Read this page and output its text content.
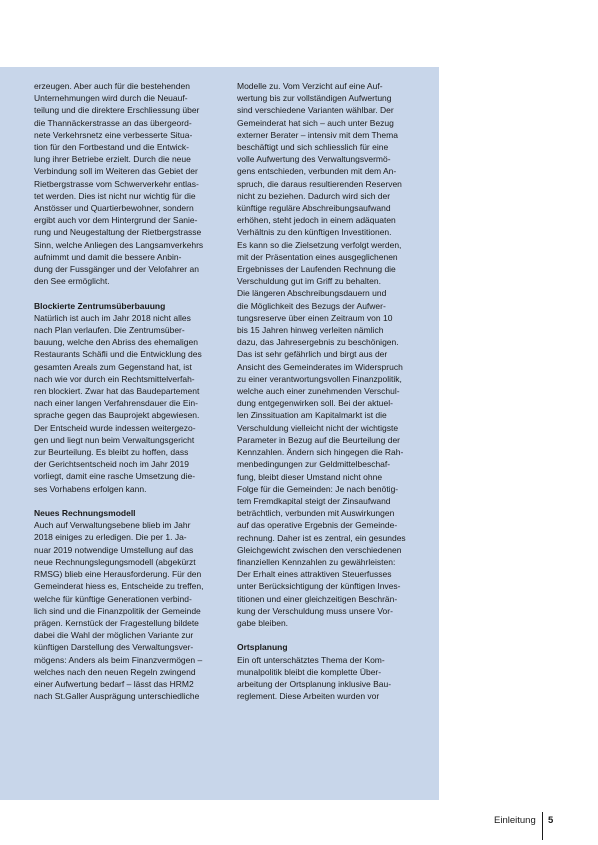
erzeugen. Aber auch für die bestehenden
Unternehmungen wird durch die Neuauf-
teilung und die direktere Erschliessung über
die Thannäckerstrasse an das übergeord-
nete Verkehrsnetz eine verbesserte Situa-
tion für den Fortbestand und die Entwick-
lung ihrer Betriebe erzielt. Durch die neue
Verbindung soll im Weiteren das Gebiet der
Rietbergstrasse vom Schwerverkehr entlas-
tet werden. Dies ist nicht nur wichtig für die
Anstösser und Quartierbewohner, sondern
ergibt auch vor dem Hintergrund der Sanie-
rung und Neugestaltung der Rietbergstrasse
Sinn, welche Anliegen des Langsamverkehrs
aufnimmt und damit die bessere Anbin-
dung der Fussgänger und der Velofahrer an
den See ermöglicht.
Blockierte Zentrumsüberbauung
Natürlich ist auch im Jahr 2018 nicht alles
nach Plan verlaufen. Die Zentrumsüber-
bauung, welche den Abriss des ehemaligen
Restaurants Schäfli und die Entwicklung des
gesamten Areals zum Gegenstand hat, ist
nach wie vor durch ein Rechtsmittelverfah-
ren blockiert. Zwar hat das Baudepartement
nach einer langen Verfahrensdauer die Ein-
sprache gegen das Bauprojekt abgewiesen.
Der Entscheid wurde indessen weitergezo-
gen und liegt nun beim Verwaltungsgericht
zur Beurteilung. Es bleibt zu hoffen, dass
der Gerichtsentscheid noch im Jahr 2019
vorliegt, damit eine rasche Umsetzung die-
ses Vorhabens erfolgen kann.
Neues Rechnungsmodell
Auch auf Verwaltungsebene blieb im Jahr
2018 einiges zu erledigen. Die per 1. Ja-
nuar 2019 notwendige Umstellung auf das
neue Rechnungslegungsmodell (abgekürzt
RMSG) blieb eine Herausforderung. Für den
Gemeinderat hiess es, Entscheide zu treffen,
welche für künftige Generationen verbind-
lich sind und die Finanzpolitik der Gemeinde
prägen. Kernstück der Fragestellung bildete
dabei die Wahl der möglichen Variante zur
künftigen Darstellung des Verwaltungsver-
mögens: Anders als beim Finanzvermögen –
welches nach den neuen Regeln zwingend
einer Aufwertung bedarf – lässt das HRM2
nach St.Galler Ausprägung unterschiedliche
Modelle zu. Vom Verzicht auf eine Auf-
wertung bis zur vollständigen Aufwertung
sind verschiedene Varianten wählbar. Der
Gemeinderat hat sich – auch unter Bezug
externer Berater – intensiv mit dem Thema
beschäftigt und sich schliesslich für eine
volle Aufwertung des Verwaltungsvermö-
gens entschieden, verbunden mit dem An-
spruch, die daraus resultierenden Reserven
nicht zu beziehen. Dadurch wird sich der
künftige reguläre Abschreibungsaufwand
erhöhen, steht jedoch in einem adäquaten
Verhältnis zu den künftigen Investitionen.
Es kann so die Zielsetzung verfolgt werden,
mit der Präsentation eines ausgeglichenen
Ergebnisses der Laufenden Rechnung die
Verschuldung gut im Griff zu behalten.
Die längeren Abschreibungsdauern und
die Möglichkeit des Bezugs der Aufwer-
tungsreserve über einen Zeitraum von 10
bis 15 Jahren hinweg verleiten nämlich
dazu, das Jahresergebnis zu beschönigen.
Das ist sehr gefährlich und birgt aus der
Ansicht des Gemeinderates im Widerspruch
zu einer verantwortungsvollen Finanzpolitik,
welche auch einer zunehmenden Verschul-
dung entgegenwirken soll. Bei der aktuel-
len Zinssituation am Kapitalmarkt ist die
Verschuldung vielleicht nicht der wichtigste
Parameter in Bezug auf die Beurteilung der
Kennzahlen. Ändern sich hingegen die Rah-
menbedingungen zur Geldmittelbeschaf-
fung, bleibt dieser Umstand nicht ohne
Folge für die Gemeinden: Je nach benötig-
tem Fremdkapital steigt der Zinsaufwand
beträchtlich, verbunden mit Auswirkungen
auf das operative Ergebnis der Gemeinde-
rechnung. Daher ist es zentral, ein gesundes
Gleichgewicht zwischen den verschiedenen
finanziellen Kennzahlen zu gewährleisten:
Der Erhalt eines attraktiven Steuerfusses
unter Berücksichtigung der künftigen Inves-
titionen und einer gleichzeitigen Beschrän-
kung der Verschuldung muss unsere Vor-
gabe bleiben.
Ortsplanung
Ein oft unterschätztes Thema der Kom-
munalpolitik bleibt die komplette Über-
arbeitung der Ortsplanung inklusive Bau-
reglement. Diese Arbeiten wurden vor
Einleitung 5
